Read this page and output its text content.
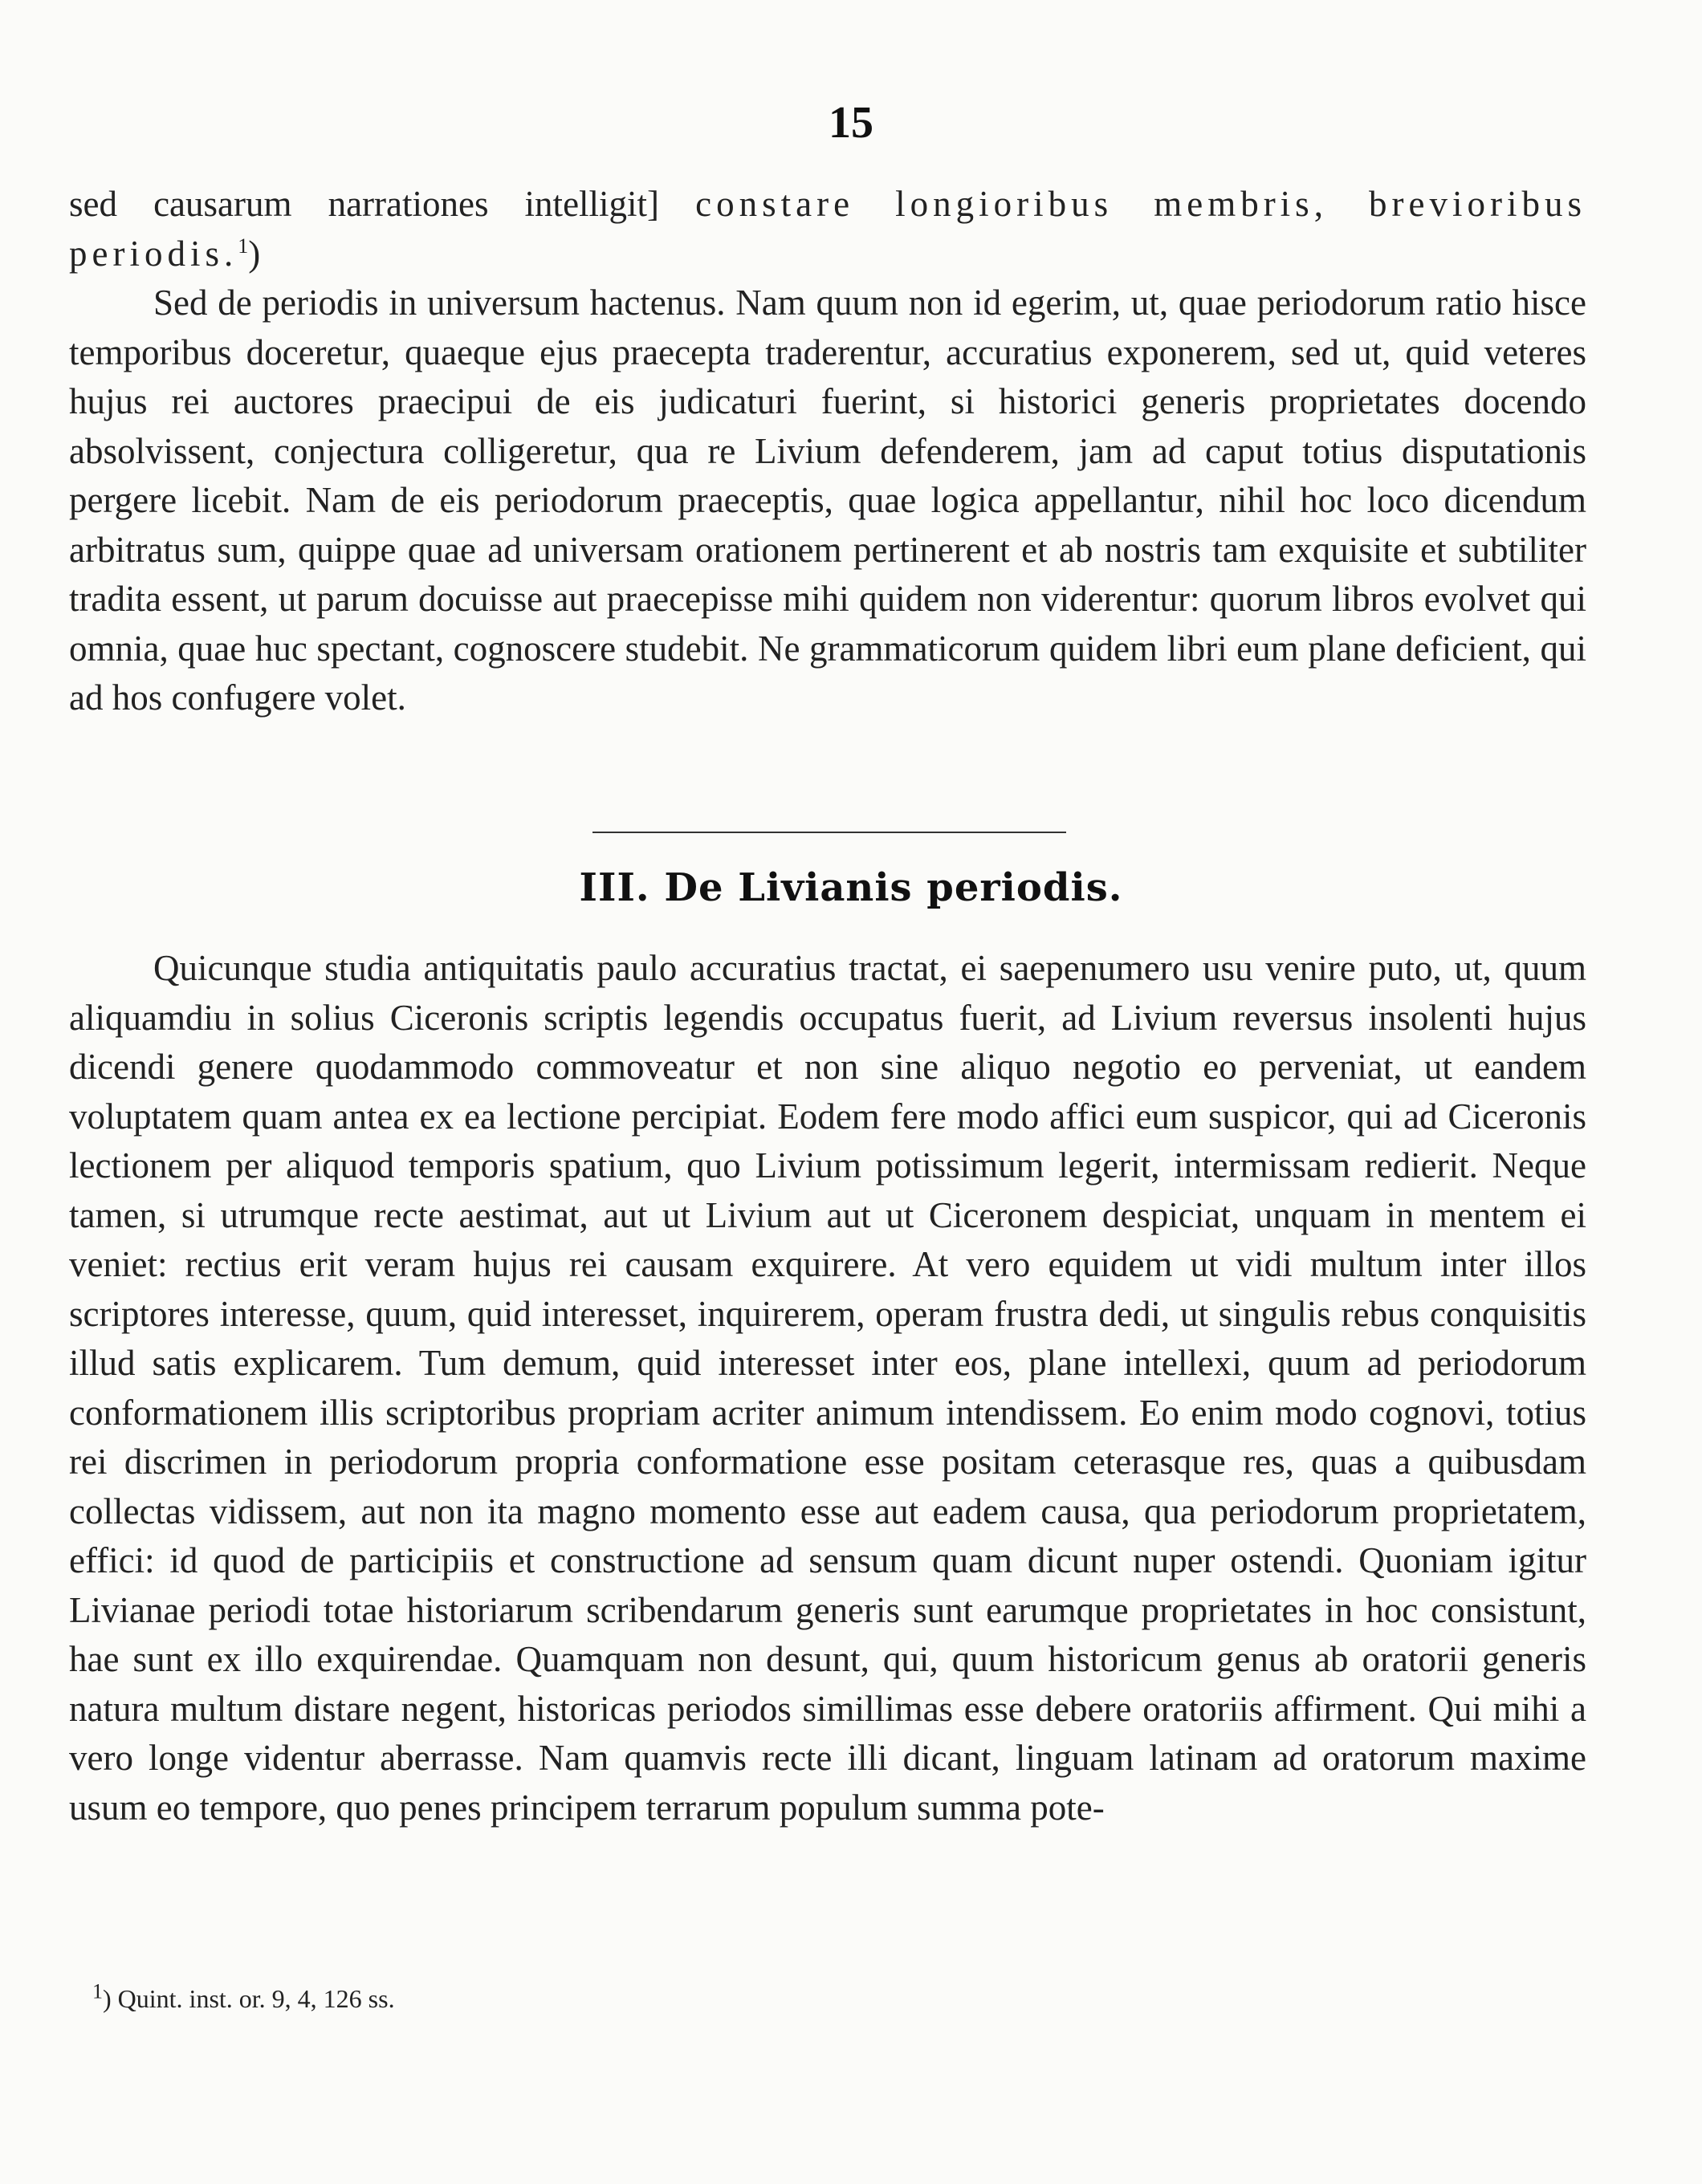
15

sed causarum narrationes intelligit] constare longioribus membris, brevioribus periodis.$^1$)

Sed de periodis in universum hactenus. Nam quum non id egerim, ut, quae periodorum ratio hisce temporibus doceretur, quaeque ejus praecepta traderentur, accuratius exponerem, sed ut, quid veteres hujus rei auctores praecipui de eis judicaturi fuerint, si historici generis proprietates docendo absolvissent, conjectura colligeretur, qua re Livium defenderem, jam ad caput totius disputationis pergere licebit. Nam de eis periodorum praeceptis, quae logica appellantur, nihil hoc loco dicendum arbitratus sum, quippe quae ad universam orationem pertinerent et ab nostris tam exquisite et subtiliter tradita essent, ut parum docuisse aut praecepisse mihi quidem non viderentur: quorum libros evolvet qui omnia, quae huc spectant, cognoscere studebit. Ne grammaticorum quidem libri eum plane deficient, qui ad hos confugere volet.

III. De Livianis periodis.

Quicunque studia antiquitatis paulo accuratius tractat, ei saepenumero usu venire puto, ut, quum aliquamdiu in solius Ciceronis scriptis legendis occupatus fuerit, ad Livium reversus insolenti hujus dicendi genere quodammodo commoveatur et non sine aliquo negotio eo perveniat, ut eandem voluptatem quam antea ex ea lectione percipiat. Eodem fere modo affici eum suspicor, qui ad Ciceronis lectionem per aliquod temporis spatium, quo Livium potissimum legerit, intermissam redierit. Neque tamen, si utrumque recte aestimat, aut ut Livium aut ut Ciceronem despiciat, unquam in mentem ei veniet: rectius erit veram hujus rei causam exquirere. At vero equidem ut vidi multum inter illos scriptores interesse, quum, quid interesset, inquirerem, operam frustra dedi, ut singulis rebus conquisitis illud satis explicarem. Tum demum, quid interesset inter eos, plane intellexi, quum ad periodorum conformationem illis scriptoribus propriam acriter animum intendissem. Eo enim modo cognovi, totius rei discrimen in periodorum propria conformatione esse positam ceterasque res, quas a quibusdam collectas vidissem, aut non ita magno momento esse aut eadem causa, qua periodorum proprietatem, effici: id quod de participiis et constructione ad sensum quam dicunt nuper ostendi. Quoniam igitur Livianae periodi totae historiarum scribendarum generis sunt earumque proprietates in hoc consistunt, hae sunt ex illo exquirendae. Quamquam non desunt, qui, quum historicum genus ab oratorii generis natura multum distare negent, historicas periodos simillimas esse debere oratoriis affirment. Qui mihi a vero longe videntur aberrasse. Nam quamvis recte illi dicant, linguam latinam ad oratorum maxime usum eo tempore, quo penes principem terrarum populum summa pote-

$^1$) Quint. inst. or. 9, 4, 126 ss.
